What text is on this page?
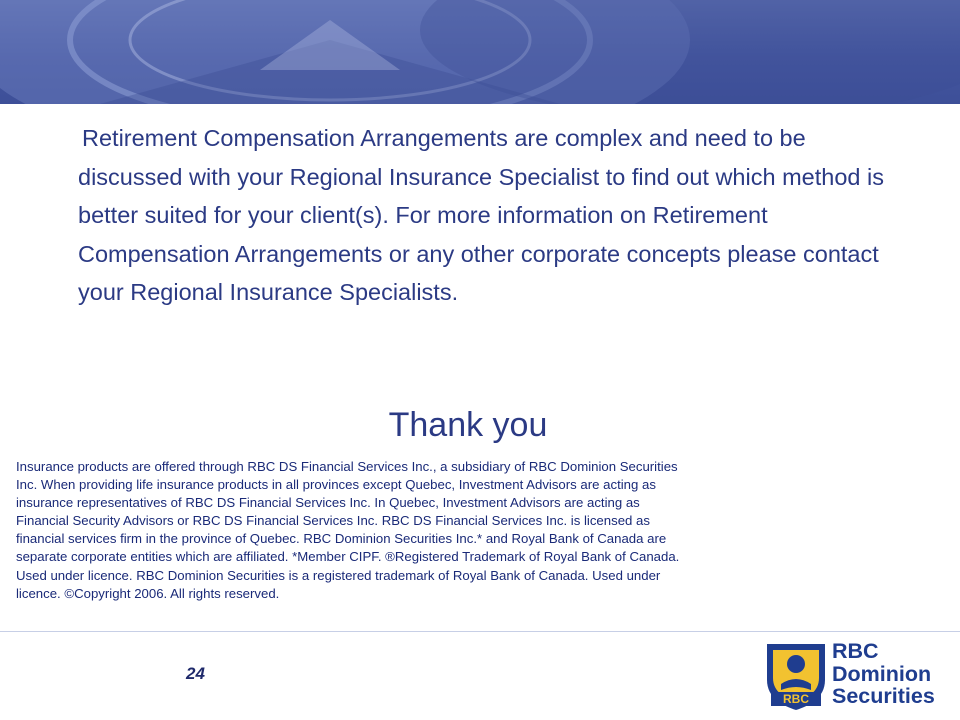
Retirement Compensation Arrangements are complex and need to be discussed with your Regional Insurance Specialist to find out which method is better suited for your client(s). For more information on Retirement Compensation Arrangements or any other corporate concepts please contact your Regional Insurance Specialists.

Thank you

Insurance products are offered through RBC DS Financial Services Inc., a subsidiary of RBC Dominion Securities Inc. When providing life insurance products in all provinces except Quebec, Investment Advisors are acting as insurance representatives of RBC DS Financial Services Inc. In Quebec, Investment Advisors are acting as Financial Security Advisors or RBC DS Financial Services Inc. RBC DS Financial Services Inc. is licensed as financial services firm in the province of Quebec. RBC Dominion Securities Inc.* and Royal Bank of Canada are separate corporate entities which are affiliated. *Member CIPF. ®Registered Trademark of Royal Bank of Canada. Used under licence. RBC Dominion Securities is a registered trademark of Royal Bank of Canada. Used under licence. ©Copyright 2006. All rights reserved.

24
RBC
RBC
Dominion
Securities
